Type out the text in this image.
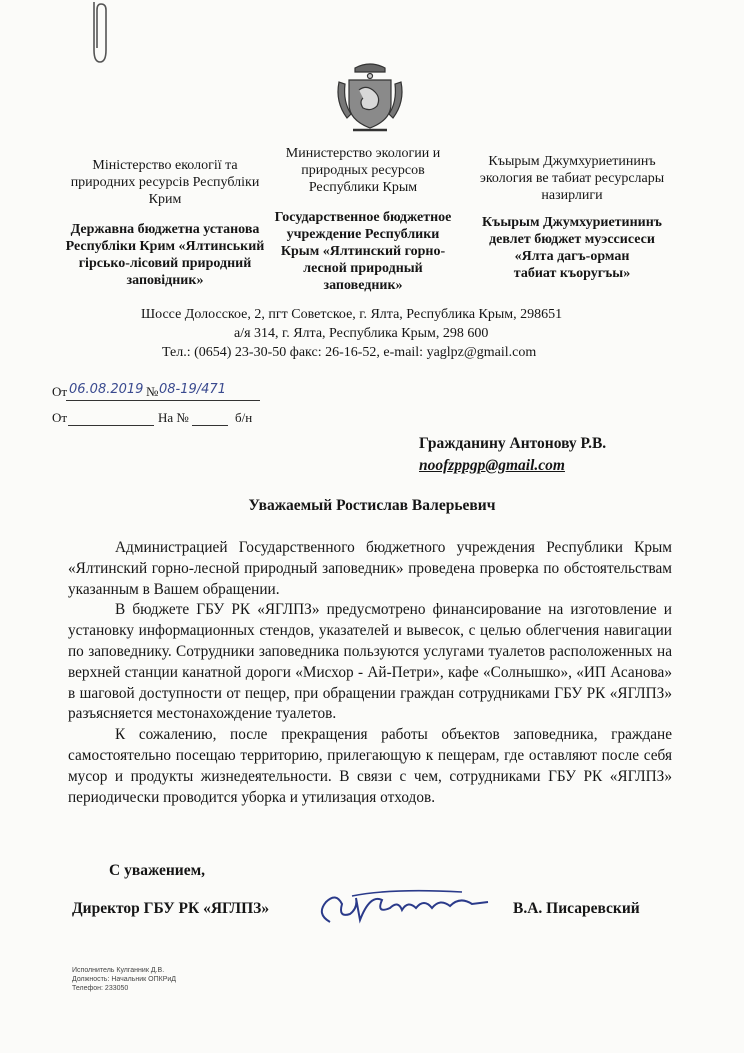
Міністерство екології та природних ресурсів Республіки Крим
Державна бюджетна установа Республіки Крим «Ялтинський гірсько-лісовий природний заповідник»
Министерство экологии и природных ресурсов Республики Крым
Государственное бюджетное учреждение Республики Крым «Ялтинский горно-лесной природный заповедник»
Къырым Джумхуриетининъ экология ве табиат ресурслары назирлиги
Къырым Джумхуриетининъ
девлет бюджет муэссисеси
«Ялта дагъ-орман
табиат къоругъы»
Шоссе Долосское, 2, пгт Советское, г. Ялта, Республика Крым, 298651
а/я 314, г. Ялта, Республика Крым, 298 600
Тел.: (0654) 23-30-50 факс: 26-16-52, e-mail: yaglpz@gmail.com
От 06.08.2019 № 08-19/471
От	На №	б/н
Гражданину Антонову Р.В.
noofzppgp@gmail.com
Уважаемый Ростислав Валерьевич

Администрацией Государственного бюджетного учреждения Республики Крым «Ялтинский горно-лесной природный заповедник» проведена проверка по обстоятельствам указанным в Вашем обращении.

В бюджете ГБУ РК «ЯГЛПЗ» предусмотрено финансирование на изготовление и установку информационных стендов, указателей и вывесок, с целью облегчения навигации по заповеднику. Сотрудники заповедника пользуются услугами туалетов расположенных на верхней станции канатной дороги «Мисхор - Ай-Петри», кафе «Солнышко», «ИП Асанова» в шаговой доступности от пещер, при обращении граждан сотрудниками ГБУ РК «ЯГЛПЗ» разъясняется местонахождение туалетов.

К сожалению, после прекращения работы объектов заповедника, граждане самостоятельно посещаю территорию, прилегающую к пещерам, где оставляют после себя мусор и продукты жизнедеятельности. В связи с чем, сотрудниками ГБУ РК «ЯГЛПЗ» периодически проводится уборка и утилизация отходов.

С уважением,
Директор ГБУ РК «ЯГЛПЗ»	В.А. Писаревский
Исполнитель Кулганник Д.В.
Должность: Начальник ОПКРиД
Телефон: 233050
